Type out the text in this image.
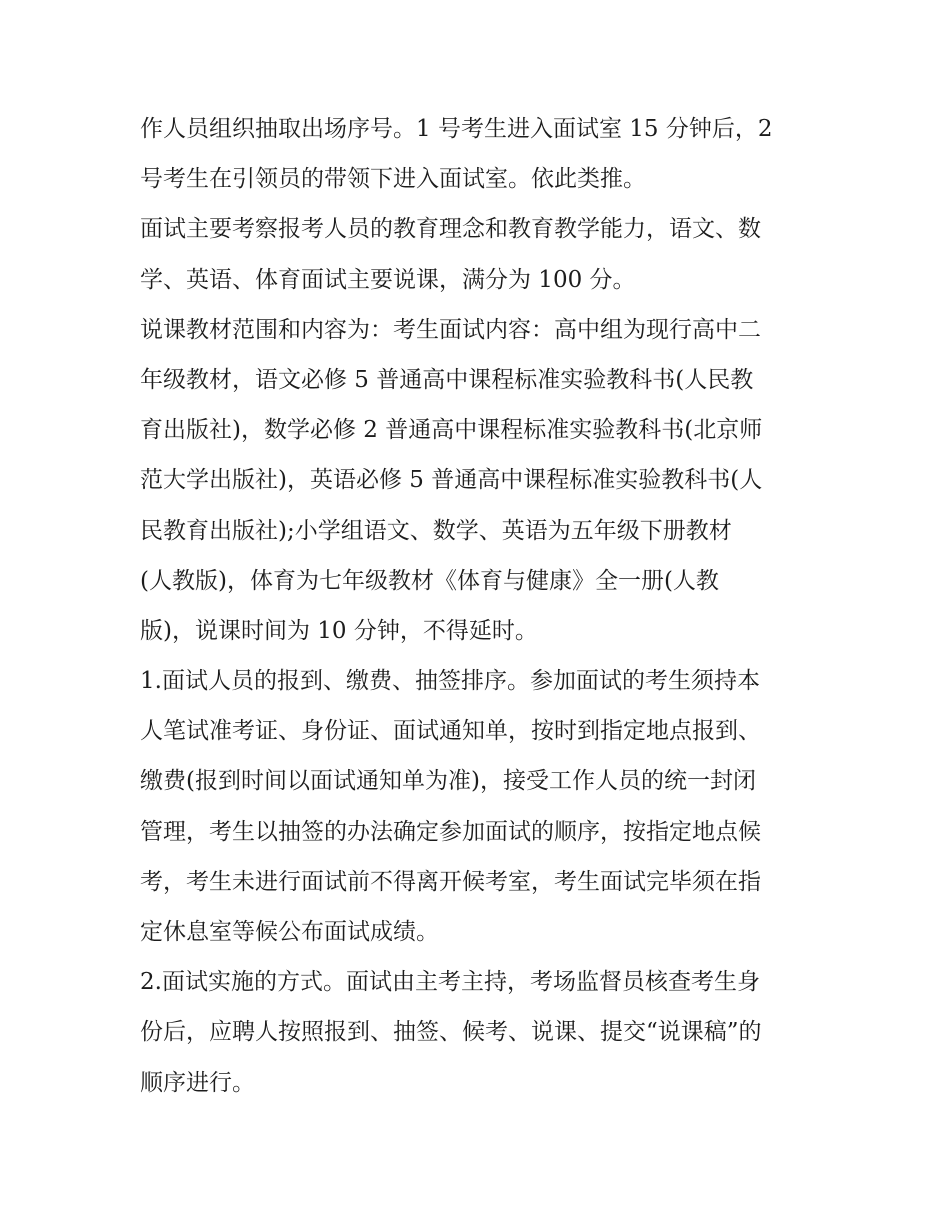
作人员组织抽取出场序号。1 号考生进入面试室 15 分钟后，2
号考生在引领员的带领下进入面试室。依此类推。

面试主要考察报考人员的教育理念和教育教学能力，语文、数
学、英语、体育面试主要说课，满分为 100 分。

说课教材范围和内容为：考生面试内容：高中组为现行高中二
年级教材，语文必修 5 普通高中课程标准实验教科书(人民教
育出版社)，数学必修 2 普通高中课程标准实验教科书(北京师
范大学出版社)，英语必修 5 普通高中课程标准实验教科书(人
民教育出版社);小学组语文、数学、英语为五年级下册教材
(人教版)，体育为七年级教材《体育与健康》全一册(人教
版)，说课时间为 10 分钟，不得延时。

1.面试人员的报到、缴费、抽签排序。参加面试的考生须持本
人笔试准考证、身份证、面试通知单，按时到指定地点报到、
缴费(报到时间以面试通知单为准)，接受工作人员的统一封闭
管理，考生以抽签的办法确定参加面试的顺序，按指定地点候
考，考生未进行面试前不得离开候考室，考生面试完毕须在指
定休息室等候公布面试成绩。

2.面试实施的方式。面试由主考主持，考场监督员核查考生身
份后，应聘人按照报到、抽签、候考、说课、提交“说课稿”的
顺序进行。
